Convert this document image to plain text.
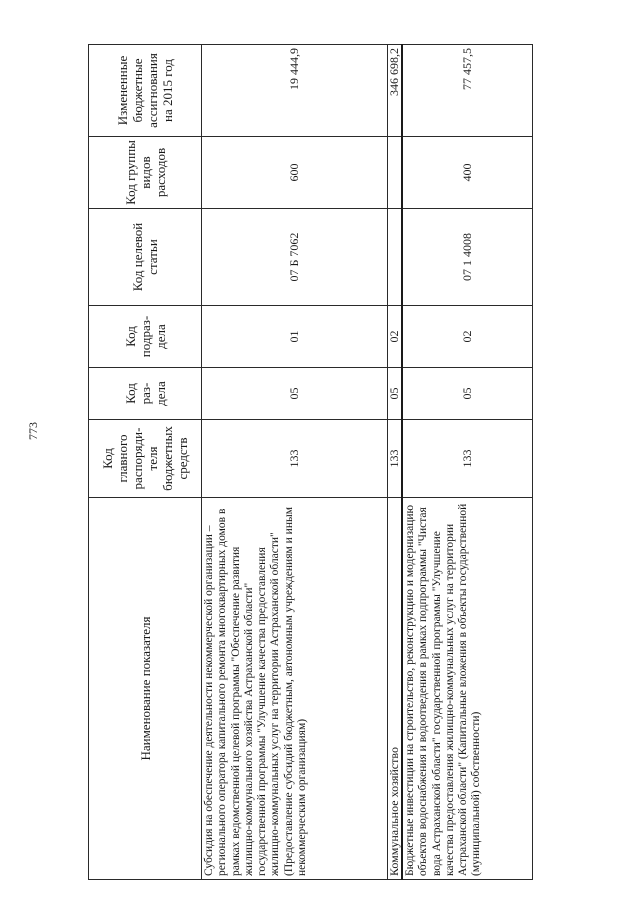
773
Наименование показателя	Код главного распоряди-теля бюджетных средств	Код раз-дела	Код подраз-дела	Код целевой статьи	Код группы видов расходов	Измененные бюджетные ассигнования на 2015 год
Субсидия на обеспечение деятельности некоммерческой организации – регионального оператора капитального ремонта многоквартирных домов в рамках ведомственной целевой программы "Обеспечение развития жилищно-коммунального хозяйства Астраханской области" государственной программы "Улучшение качества предоставления жилищно-коммунальных услуг на территории Астраханской области" (Предоставление субсидий бюджетным, автономным учреждениям и иным некоммерческим организациям)	133	05	01	07 Б 7062	600	19 444,9
Коммунальное хозяйство	133	05	02			346 698,2
Бюджетные инвестиции на строительство, реконструкцию и модернизацию объектов водоснабжения и водоотведения в рамках подпрограммы "Чистая вода Астраханской области" государственной программы "Улучшение качества предоставления жилищно-коммунальных услуг на территории Астраханской области" (Капитальные вложения в объекты государственной (муниципальной) собственности)	133	05	02	07 1 4008	400	77 457,5
